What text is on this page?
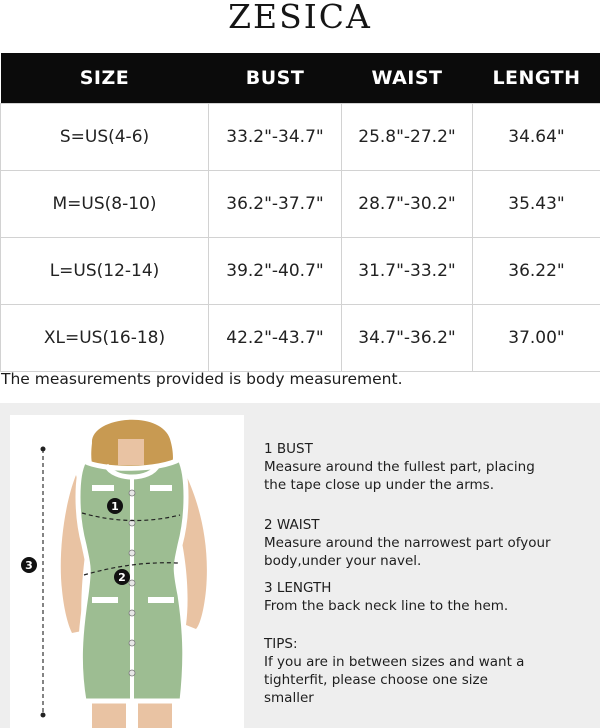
ZESICA
SIZE	BUST	WAIST	LENGTH
S=US(4-6)	33.2"-34.7"	25.8"-27.2"	34.64"
M=US(8-10)	36.2"-37.7"	28.7"-30.2"	35.43"
L=US(12-14)	39.2"-40.7"	31.7"-33.2"	36.22"
XL=US(16-18)	42.2"-43.7"	34.7"-36.2"	37.00"
The measurements provided is body measurement.
1
2
3
1 BUST
Measure around the fullest part, placing
the tape close up under the arms.
2 WAIST
Measure around the narrowest part ofyour
body,under your navel.
3 LENGTH
From the back neck line to the hem.
TIPS:
If you are in between sizes and want a
tighterfit, please choose one size
smaller
